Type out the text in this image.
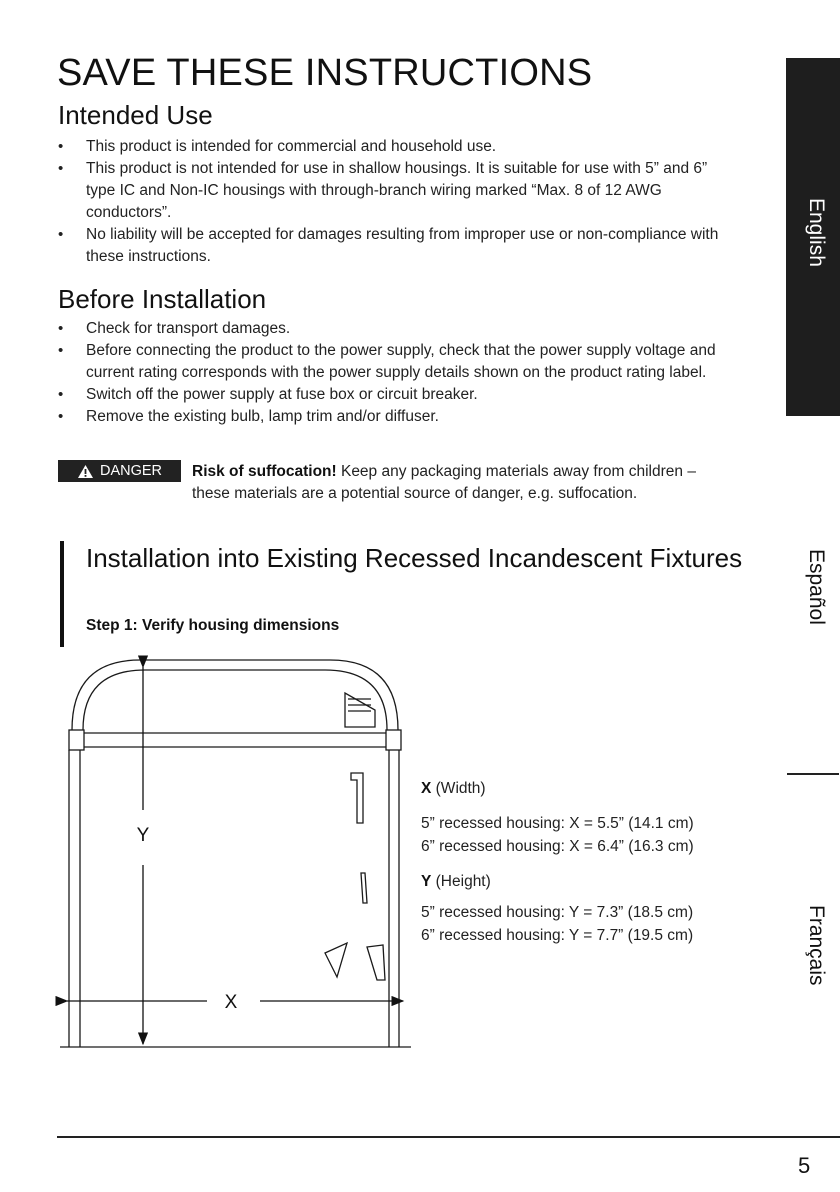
SAVE THESE INSTRUCTIONS
Intended Use
• This product is intended for commercial and household use.
• This product is not intended for use in shallow housings. It is suitable for use with 5” and 6” type IC and Non-IC housings with through-branch wiring marked “Max. 8 of 12 AWG conductors”.
• No liability will be accepted for damages resulting from improper use or non-compliance with these instructions.
Before Installation
• Check for transport damages.
• Before connecting the product to the power supply, check that the power supply voltage and current rating corresponds with the power supply details shown on the product rating label.
• Switch off the power supply at fuse box or circuit breaker.
• Remove the existing bulb, lamp trim and/or diffuser.
DANGER Risk of suffocation! Keep any packaging materials away from children – these materials are a potential source of danger, e.g. suffocation.
Installation into Existing Recessed Incandescent Fixtures
Step 1: Verify housing dimensions
Y
X
X (Width)
5” recessed housing: X = 5.5” (14.1 cm)
6” recessed housing: X = 6.4” (16.3 cm)
Y (Height)
5” recessed housing: Y = 7.3” (18.5 cm)
6” recessed housing: Y = 7.7” (19.5 cm)
English
Español
Français
5
